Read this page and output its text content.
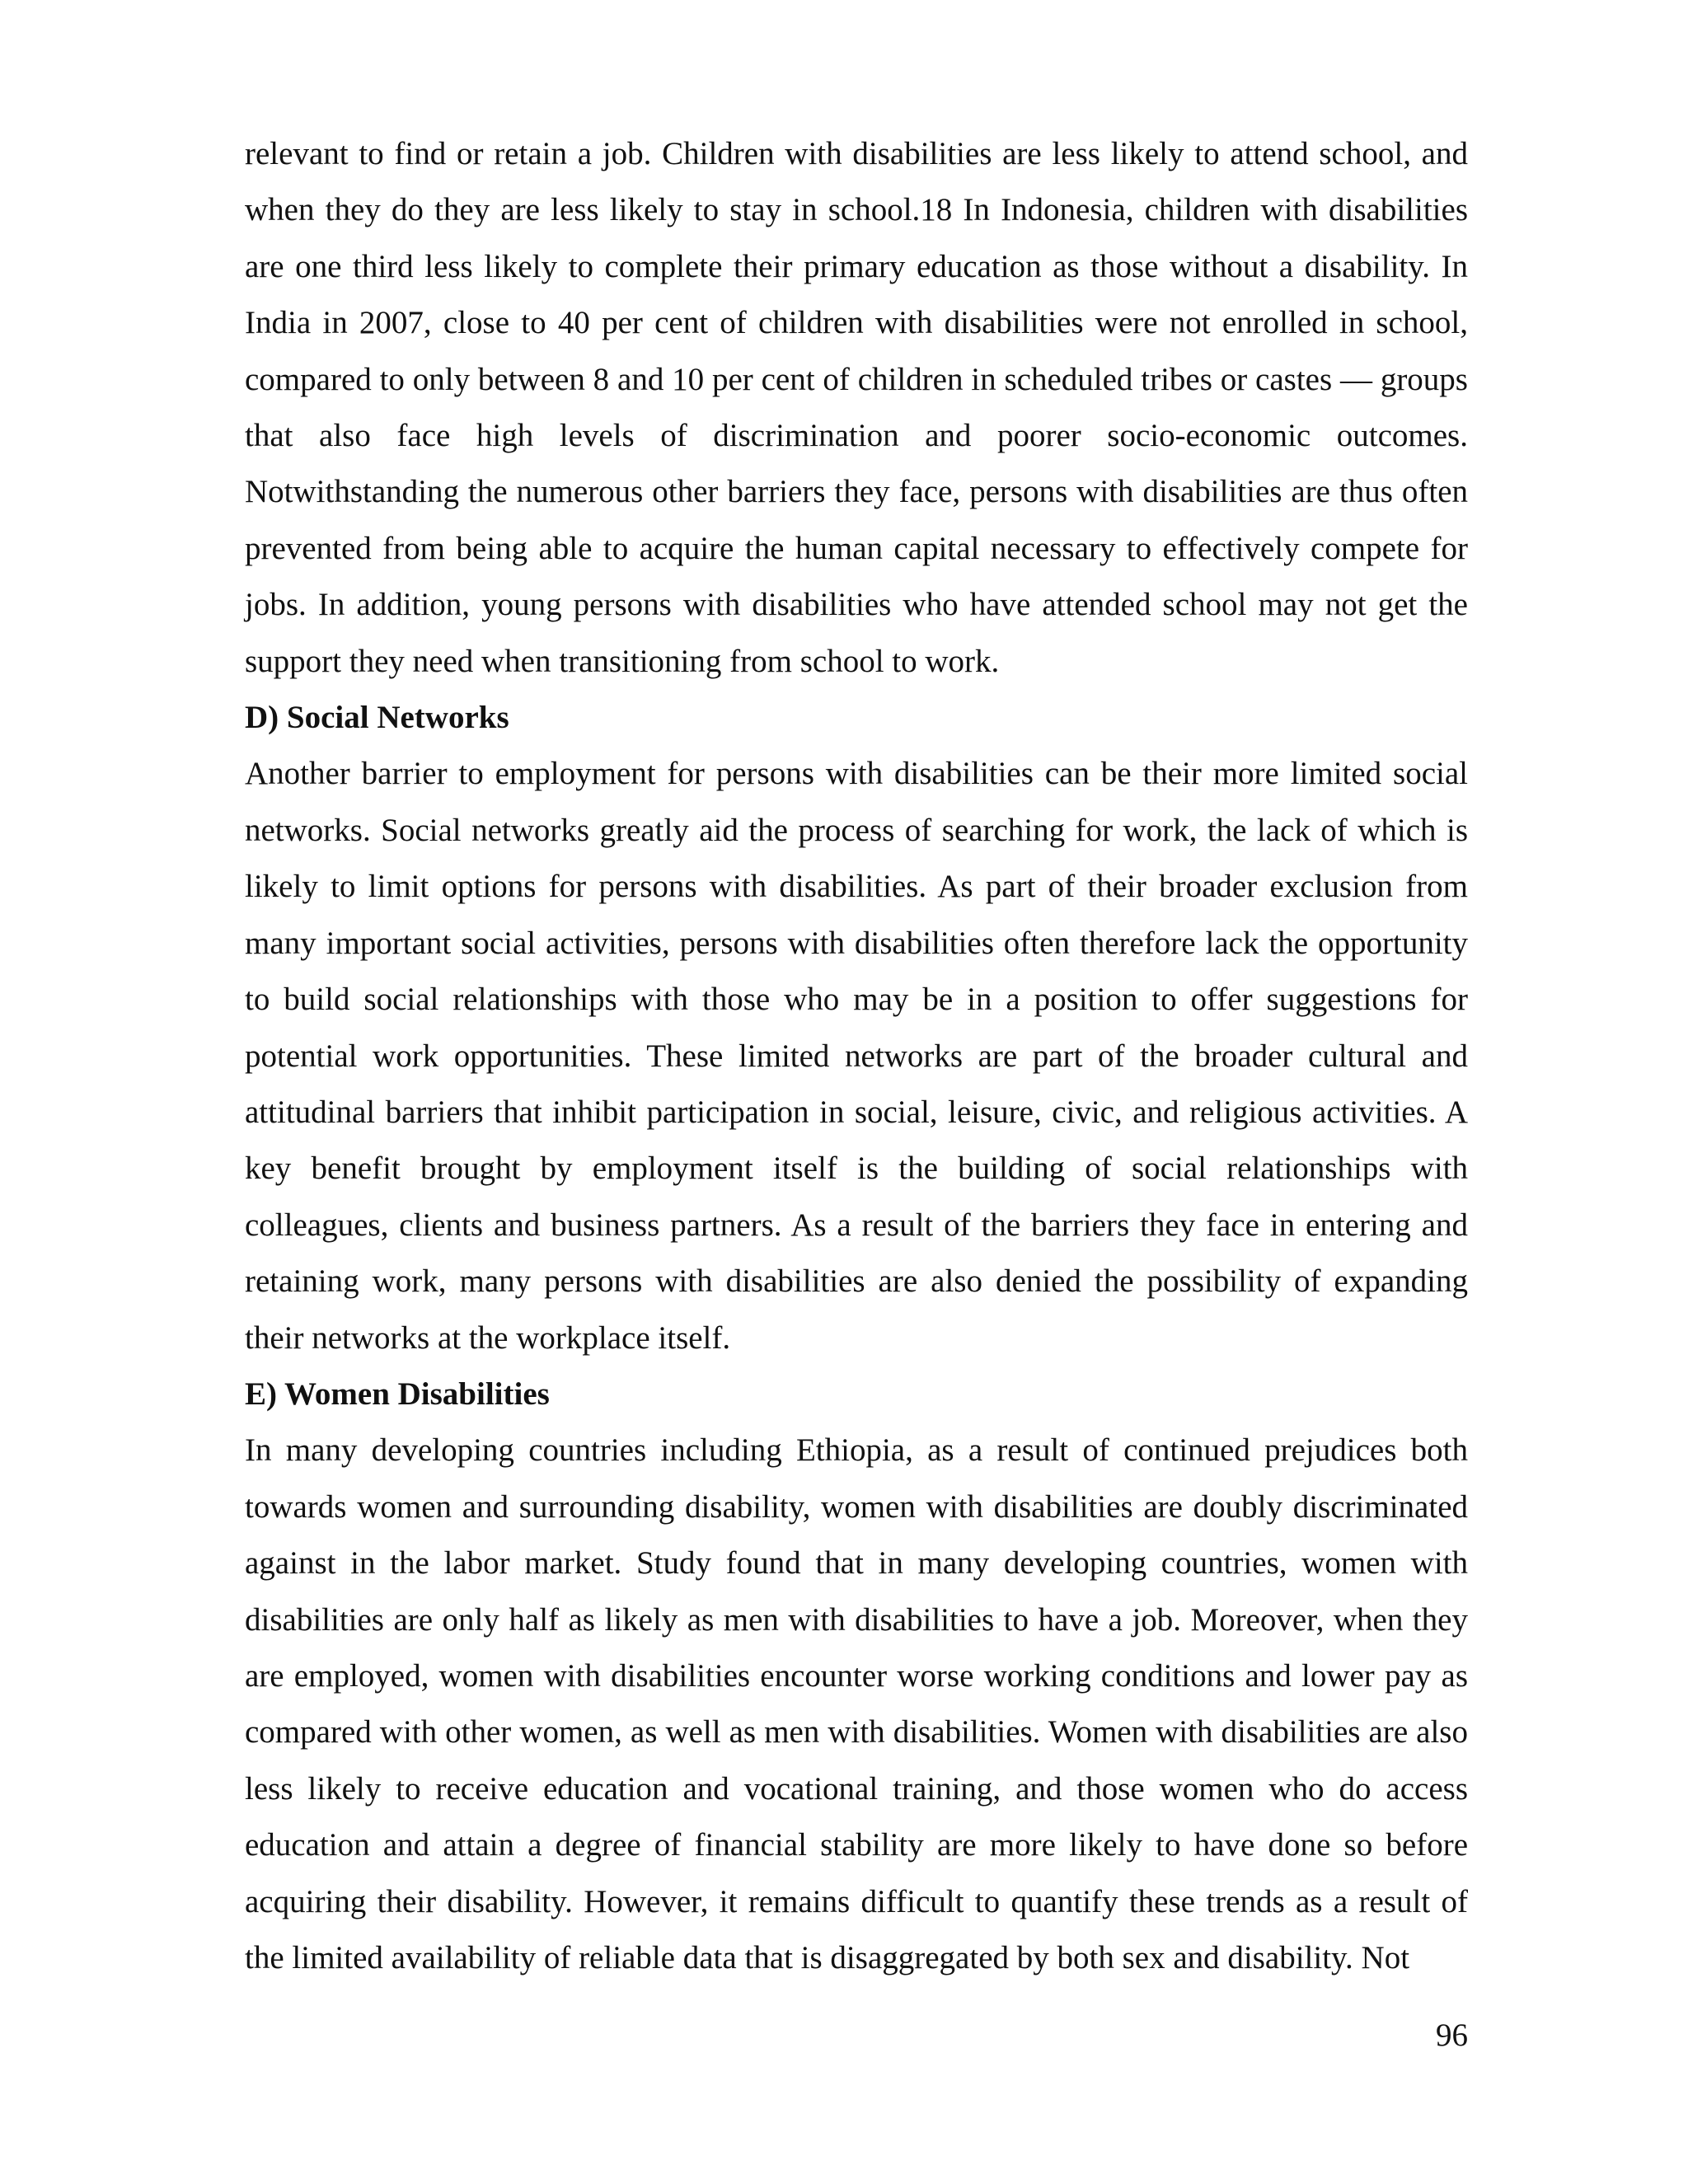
relevant to find or retain a job. Children with disabilities are less likely to attend school, and when they do they are less likely to stay in school.18 In Indonesia, children with disabilities are one third less likely to complete their primary education as those without a disability. In India in 2007, close to 40 per cent of children with disabilities were not enrolled in school, compared to only between 8 and 10 per cent of children in scheduled tribes or castes — groups that also face high levels of discrimination and poorer socio-economic outcomes. Notwithstanding the numerous other barriers they face, persons with disabilities are thus often prevented from being able to acquire the human capital necessary to effectively compete for jobs. In addition, young persons with disabilities who have attended school may not get the support they need when transitioning from school to work.

D) Social Networks

Another barrier to employment for persons with disabilities can be their more limited social networks. Social networks greatly aid the process of searching for work, the lack of which is likely to limit options for persons with disabilities. As part of their broader exclusion from many important social activities, persons with disabilities often therefore lack the opportunity to build social relationships with those who may be in a position to offer suggestions for potential work opportunities. These limited networks are part of the broader cultural and attitudinal barriers that inhibit participation in social, leisure, civic, and religious activities. A key benefit brought by employment itself is the building of social relationships with colleagues, clients and business partners. As a result of the barriers they face in entering and retaining work, many persons with disabilities are also denied the possibility of expanding their networks at the workplace itself.

E) Women Disabilities

In many developing countries including Ethiopia, as a result of continued prejudices both towards women and surrounding disability, women with disabilities are doubly discriminated against in the labor market. Study found that in many developing countries, women with disabilities are only half as likely as men with disabilities to have a job. Moreover, when they are employed, women with disabilities encounter worse working conditions and lower pay as compared with other women, as well as men with disabilities. Women with disabilities are also less likely to receive education and vocational training, and those women who do access education and attain a degree of financial stability are more likely to have done so before acquiring their disability. However, it remains difficult to quantify these trends as a result of the limited availability of reliable data that is disaggregated by both sex and disability. Not

96
